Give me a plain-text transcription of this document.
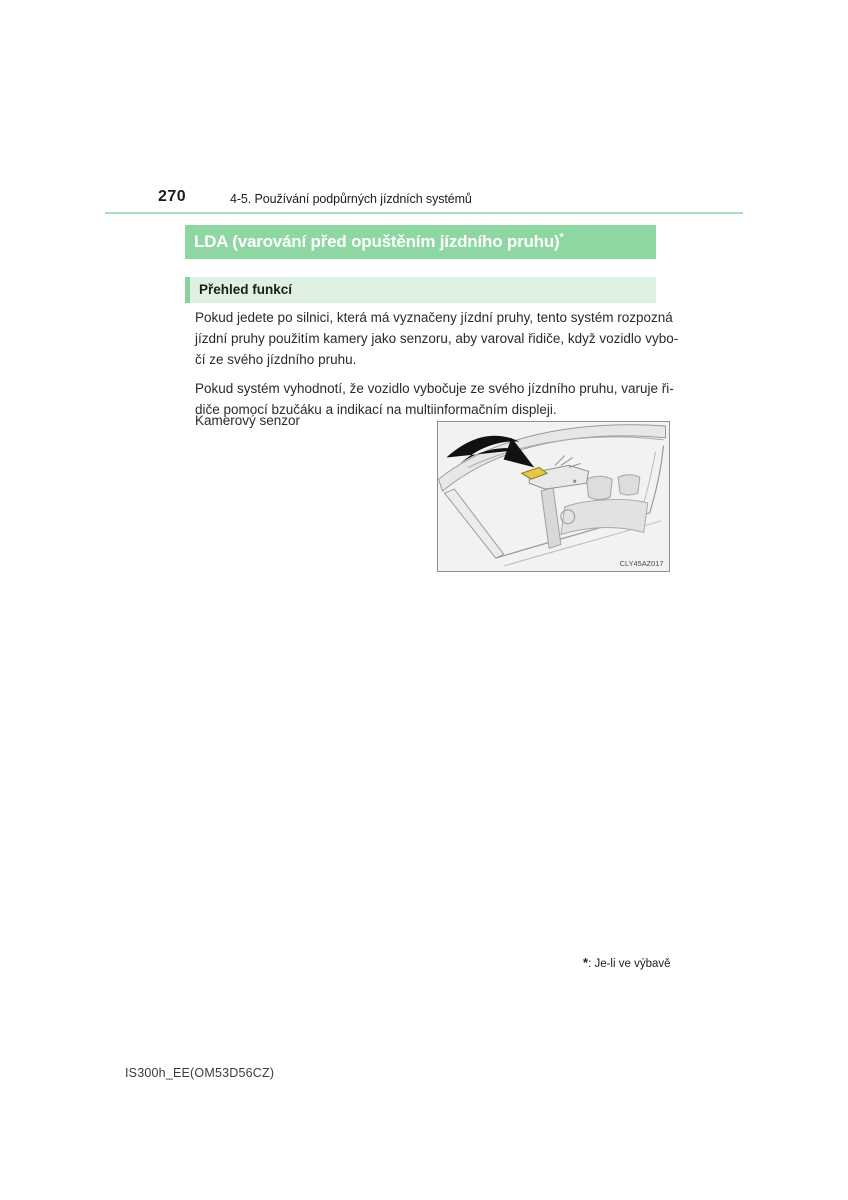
270	4-5. Používání podpůrných jízdních systémů
LDA (varování před opuštěním jízdního pruhu)*
Přehled funkcí
Pokud jedete po silnici, která má vyznačeny jízdní pruhy, tento systém rozpozná
jízdní pruhy použitím kamery jako senzoru, aby varoval řidiče, když vozidlo vybo-
čí ze svého jízdního pruhu.
Pokud systém vyhodnotí, že vozidlo vybočuje ze svého jízdního pruhu, varuje ři-
diče pomocí bzučáku a indikací na multiinformačním displeji.
Kamerový senzor
CLY45AZ017
*: Je-li ve výbavě
IS300h_EE(OM53D56CZ)
